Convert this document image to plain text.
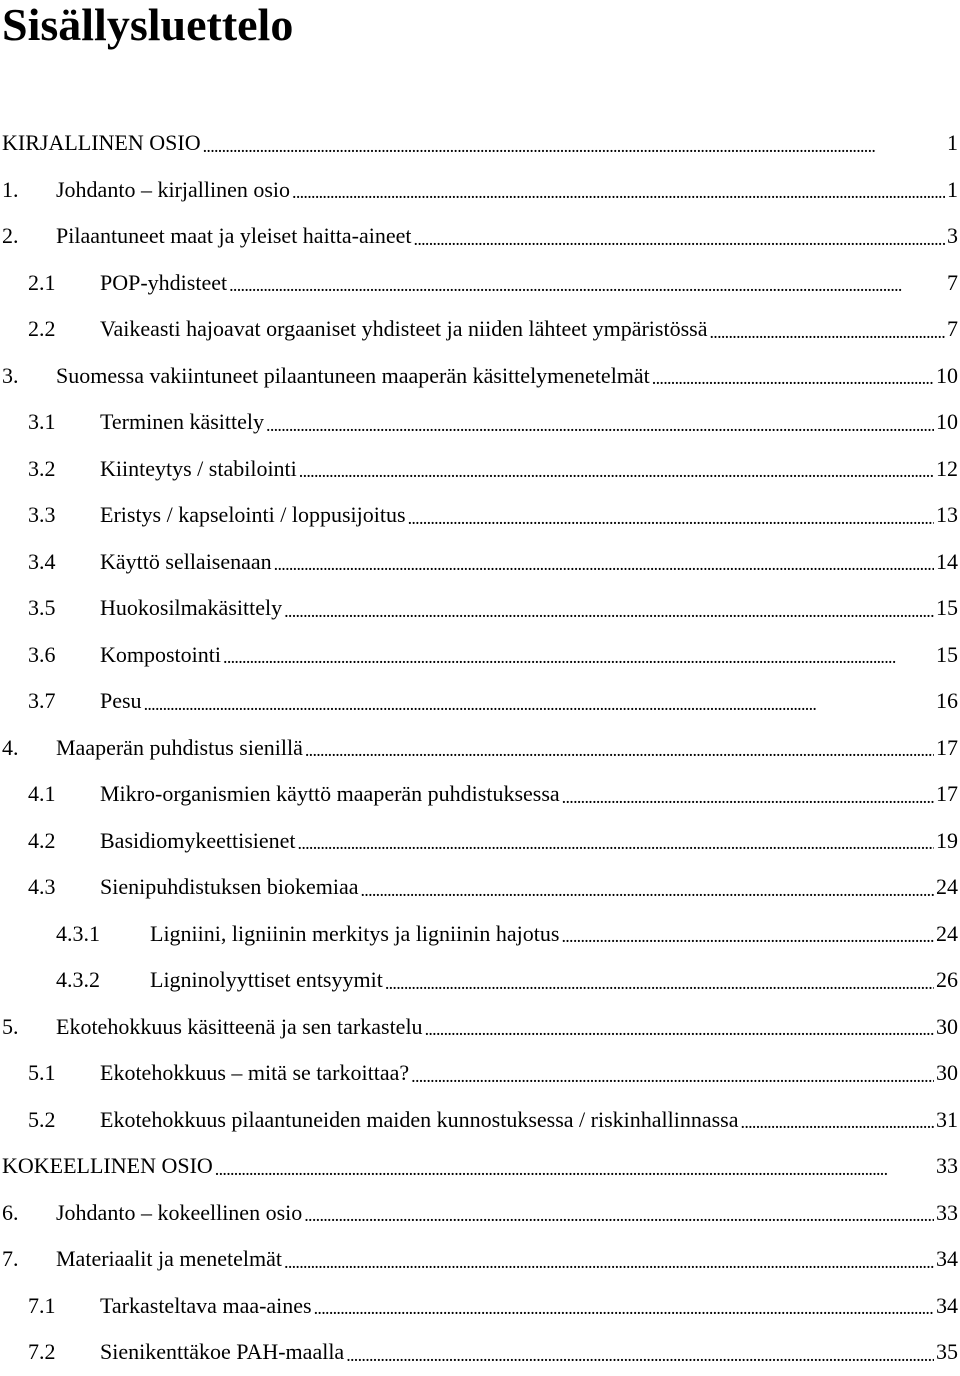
Sisällysluettelo
KIRJALLINEN OSIO . . .	1
1.	Johdanto – kirjallinen osio . . .	1
2.	Pilaantuneet maat ja yleiset haitta-aineet . . .	3
2.1	POP-yhdisteet . . .	7
2.2	Vaikeasti hajoavat orgaaniset yhdisteet ja niiden lähteet ympäristössä . . .	7
3.	Suomessa vakiintuneet pilaantuneen maaperän käsittelymenetelmät . . .	10
3.1	Terminen käsittely . . .	10
3.2	Kiinteytys / stabilointi . . .	12
3.3	Eristys / kapselointi / loppusijoitus . . .	13
3.4	Käyttö sellaisenaan . . .	14
3.5	Huokosilmakäsittely . . .	15
3.6	Kompostointi . . .	15
3.7	Pesu . . .	16
4.	Maaperän puhdistus sienillä . . .	17
4.1	Mikro-organismien käyttö maaperän puhdistuksessa . . .	17
4.2	Basidiomykeettisienet . . .	19
4.3	Sienipuhdistuksen biokemiaa . . .	24
4.3.1	Ligniini, ligniinin merkitys ja ligniinin hajotus . . .	24
4.3.2	Ligninolyyttiset entsyymit . . .	26
5.	Ekotehokkuus käsitteenä ja sen tarkastelu . . .	30
5.1	Ekotehokkuus – mitä se tarkoittaa? . . .	30
5.2	Ekotehokkuus pilaantuneiden maiden kunnostuksessa / riskinhallinnassa . . .	31
KOKEELLINEN OSIO . . .	33
6.	Johdanto – kokeellinen osio . . .	33
7.	Materiaalit ja menetelmät . . .	34
7.1	Tarkasteltava maa-aines . . .	34
7.2	Sienikenttäkoe PAH-maalla . . .	35
